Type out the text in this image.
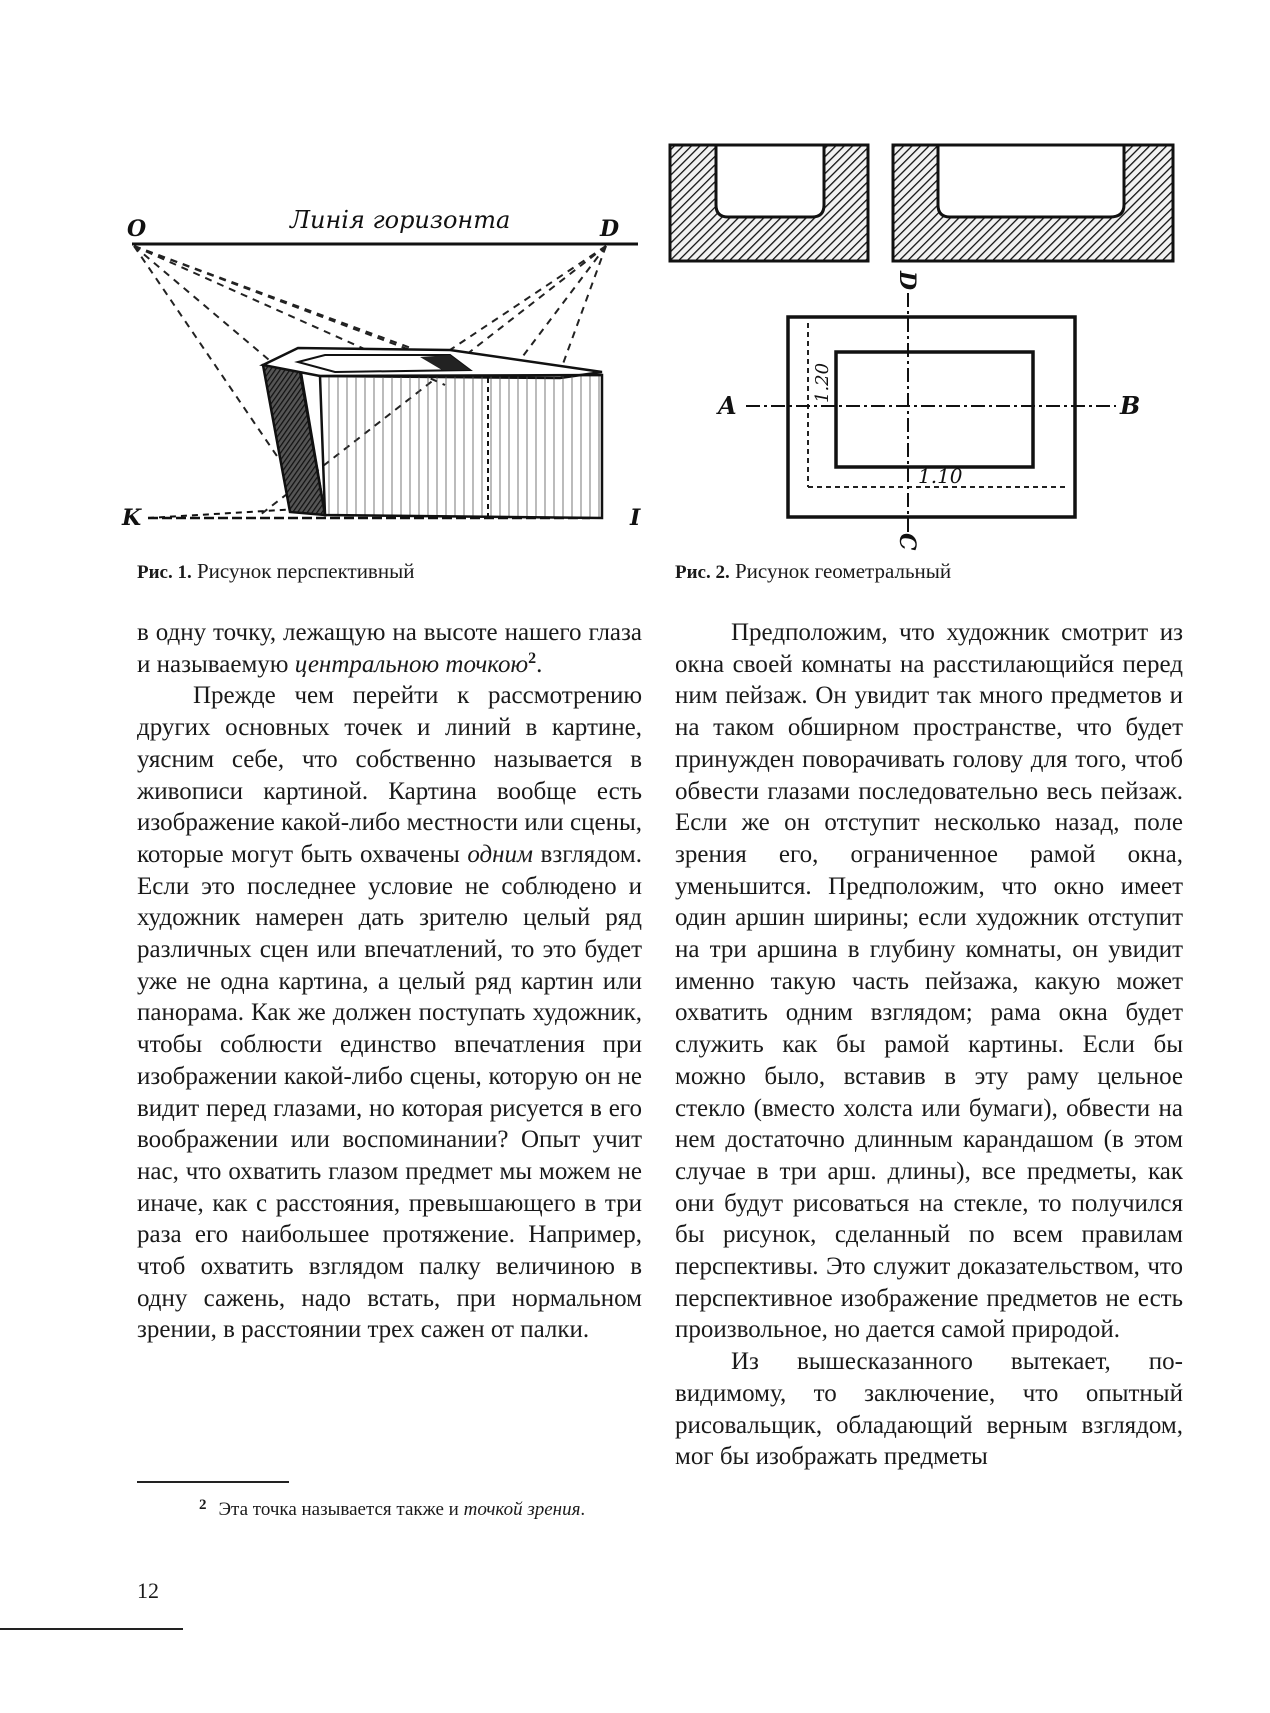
Линія горизонта
O	D
K	I
1.20
1.10
A	B
D
C
Рис. 1. Рисунок перспективный	Рис. 2. Рисунок геометральный

в одну точку, лежащую на высоте нашего глаза и называемую центральною точкою$^2$.

Прежде чем перейти к рассмотрению других основных точек и линий в картине, уясним себе, что собственно называется в живописи картиной. Картина вообще есть изображение какой-либо местности или сцены, которые могут быть охвачены одним взглядом. Если это последнее условие не соблюдено и художник намерен дать зрителю целый ряд различных сцен или впечатлений, то это будет уже не одна картина, а целый ряд картин или панорама. Как же должен поступать художник, чтобы соблюсти единство впечатления при изображении какой-либо сцены, которую он не видит перед глазами, но которая рисуется в его воображении или воспоминании? Опыт учит нас, что охватить глазом предмет мы можем не иначе, как с расстояния, превышающего в три раза его наибольшее протяжение. Например, чтоб охватить взглядом палку величиною в одну сажень, надо встать, при нормальном зрении, в расстоянии трех сажен от палки.

Предположим, что художник смотрит из окна своей комнаты на расстилающийся перед ним пейзаж. Он увидит так много предметов и на таком обширном пространстве, что будет принужден поворачивать голову для того, чтоб обвести глазами последовательно весь пейзаж. Если же он отступит несколько назад, поле зрения его, ограниченное рамой окна, уменьшится. Предположим, что окно имеет один аршин ширины; если художник отступит на три аршина в глубину комнаты, он увидит именно такую часть пейзажа, какую может охватить одним взглядом; рама окна будет служить как бы рамой картины. Если бы можно было, вставив в эту раму цельное стекло (вместо холста или бумаги), обвести на нем достаточно длинным карандашом (в этом случае в три арш. длины), все предметы, как они будут рисоваться на стекле, то получился бы рисунок, сделанный по всем правилам перспективы. Это служит доказательством, что перспективное изображение предметов не есть произвольное, но дается самой природой.

Из вышесказанного вытекает, по-видимому, то заключение, что опытный рисовальщик, обладающий верным взглядом, мог бы изображать предметы

$^2$ Эта точка называется также и точкой зрения.
12
